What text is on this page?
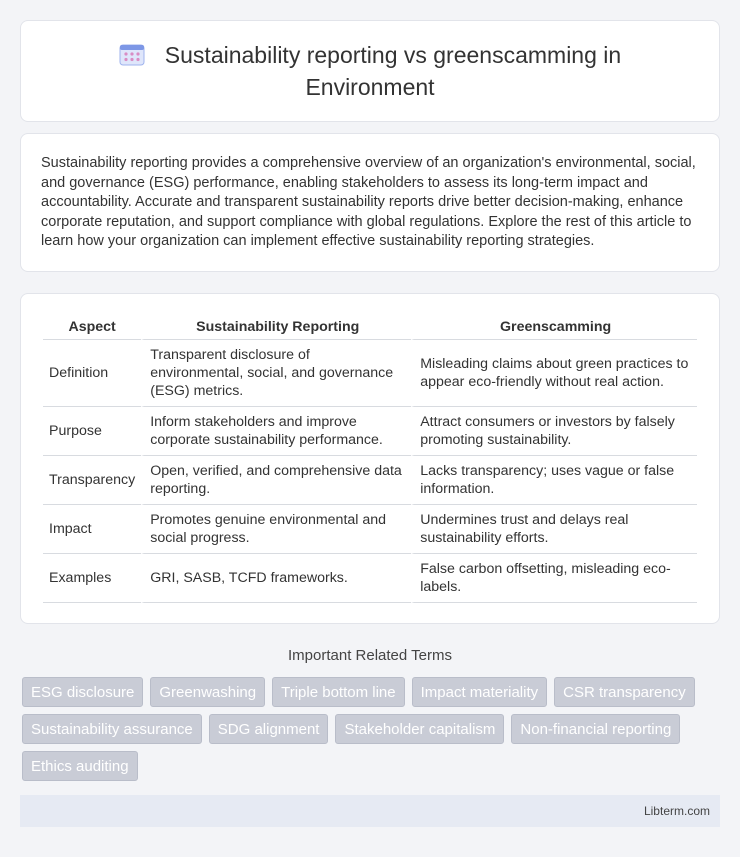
Sustainability reporting vs greenscamming in Environment

Sustainability reporting provides a comprehensive overview of an organization's environmental, social, and governance (ESG) performance, enabling stakeholders to assess its long-term impact and accountability. Accurate and transparent sustainability reports drive better decision-making, enhance corporate reputation, and support compliance with global regulations. Explore the rest of this article to learn how your organization can implement effective sustainability reporting strategies.

Aspect	Sustainability Reporting	Greenscamming
Definition	Transparent disclosure of environmental, social, and governance (ESG) metrics.	Misleading claims about green practices to appear eco-friendly without real action.
Purpose	Inform stakeholders and improve corporate sustainability performance.	Attract consumers or investors by falsely promoting sustainability.
Transparency	Open, verified, and comprehensive data reporting.	Lacks transparency; uses vague or false information.
Impact	Promotes genuine environmental and social progress.	Undermines trust and delays real sustainability efforts.
Examples	GRI, SASB, TCFD frameworks.	False carbon offsetting, misleading eco-labels.
Important Related Terms
ESG disclosure	Greenwashing	Triple bottom line	Impact materiality	CSR transparency
Sustainability assurance	SDG alignment	Stakeholder capitalism	Non-financial reporting
Ethics auditing
Libterm.com
